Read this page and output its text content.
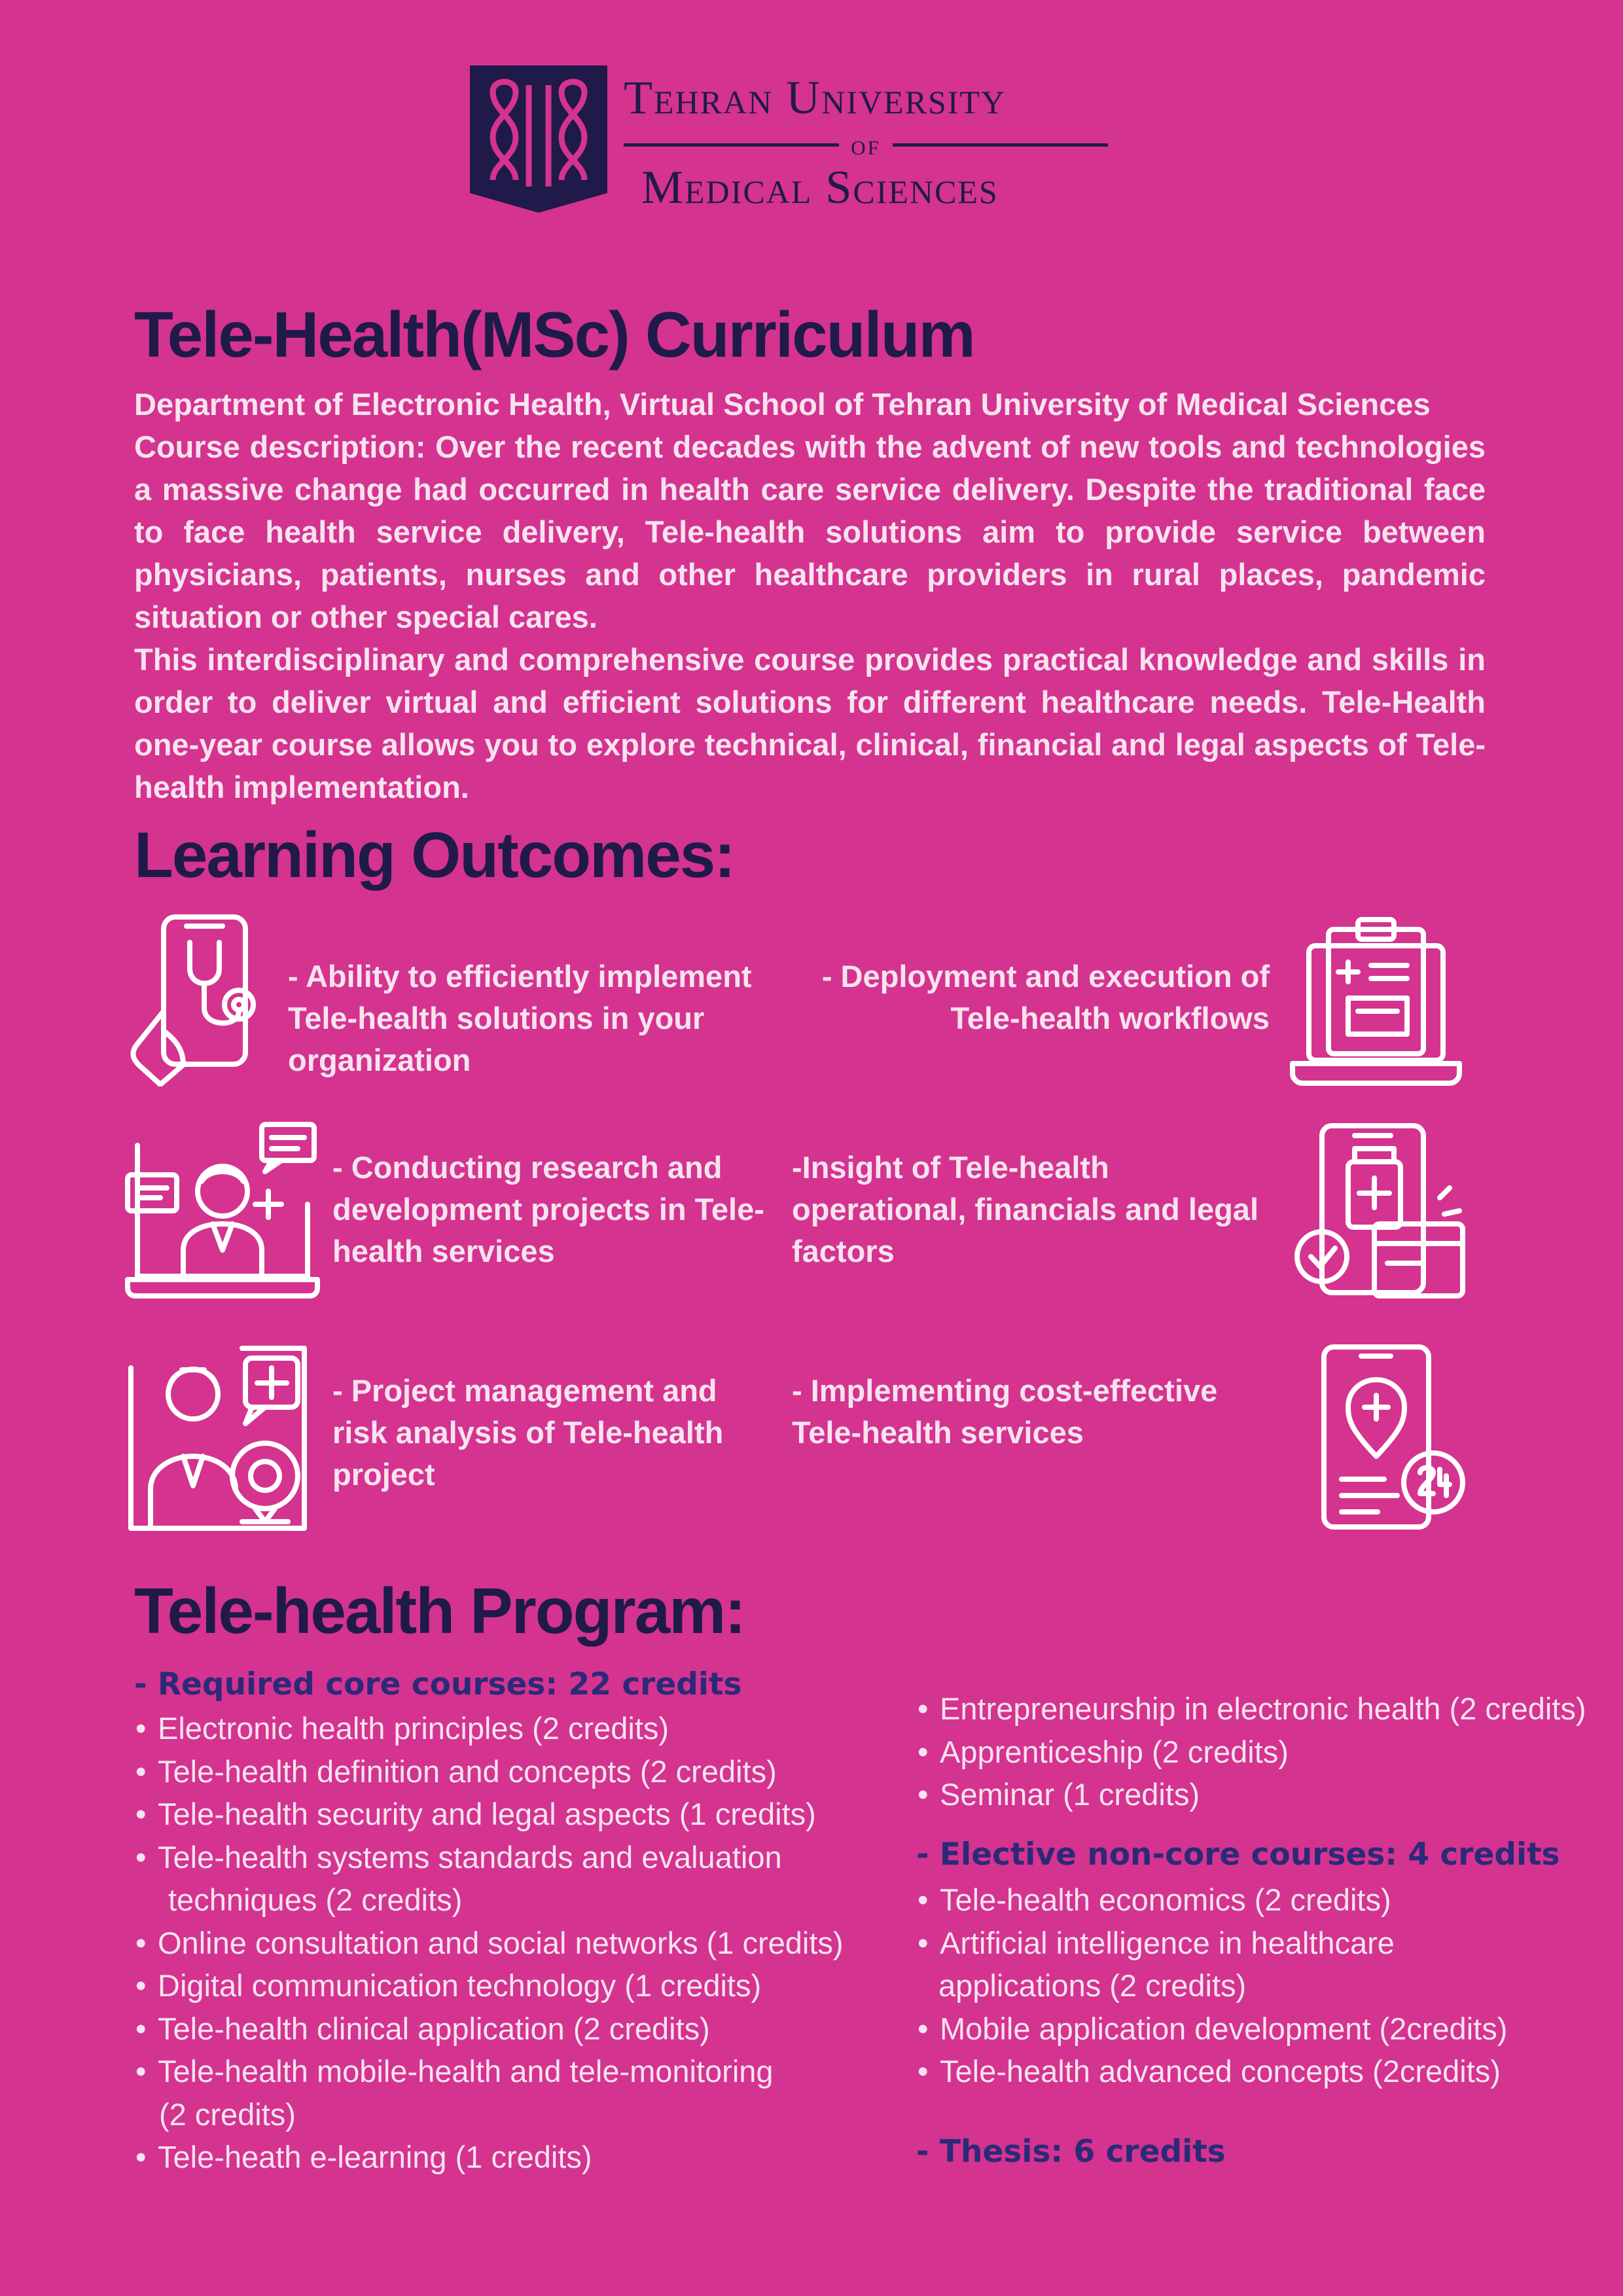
Tehran University
of
Medical Sciences
Tele-Health(MSc) Curriculum

Department of Electronic Health, Virtual School of Tehran University of Medical Sciences

Course description: Over the recent decades with the advent of new tools and technologies a massive change had occurred in health care service delivery. Despite the traditional face to face health service delivery, Tele-health solutions aim to provide service between physicians, patients, nurses and other healthcare providers in rural places, pandemic situation or other special cares.

This interdisciplinary and comprehensive course provides practical knowledge and skills in order to deliver virtual and efficient solutions for different healthcare needs. Tele-Health one-year course allows you to explore technical, clinical, financial and legal aspects of Tele-health implementation.

Learning Outcomes:
- Ability to efficiently implement Tele-health solutions in your organization
- Deployment and execution of Tele-health workflows
- Conducting research and development projects in Tele-health services
-Insight of Tele-health operational, financials and legal factors
- Project management and risk analysis of Tele-health project
- Implementing cost-effective Tele-health services
Tele-health Program:
- Required core courses: 22 credits
• Electronic health principles (2 credits)
• Tele-health definition and concepts (2 credits)
• Tele-health security and legal aspects (1 credits)
• Tele-health systems standards and evaluation
techniques (2 credits)
• Online consultation and social networks (1 credits)
• Digital communication technology (1 credits)
• Tele-health clinical application (2 credits)
• Tele-health mobile-health and tele-monitoring
(2 credits)
• Tele-heath e-learning (1 credits)
• Entrepreneurship in electronic health (2 credits)
• Apprenticeship (2 credits)
• Seminar (1 credits)
- Elective non-core courses: 4 credits
• Tele-health economics (2 credits)
• Artificial intelligence in healthcare
applications (2 credits)
• Mobile application development (2credits)
• Tele-health advanced concepts (2credits)
- Thesis: 6 credits
